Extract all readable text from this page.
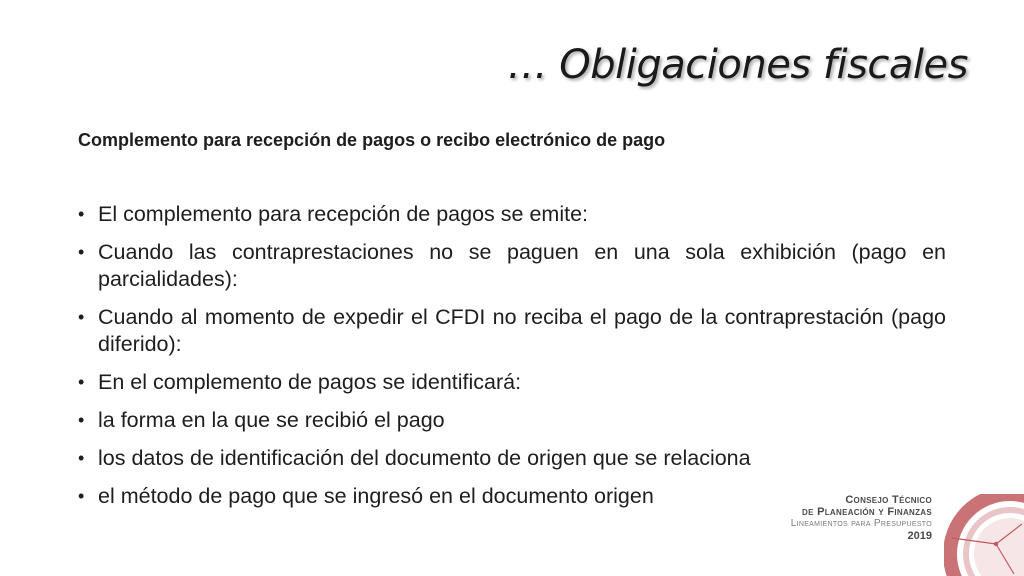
… Obligaciones fiscales

Complemento para recepción de pagos o recibo electrónico de pago

• El complemento para recepción de pagos se emite:
• Cuando las contraprestaciones no se paguen en una sola exhibición (pago en parcialidades):
• Cuando al momento de expedir el CFDI no reciba el pago de la contraprestación (pago diferido):
• En el complemento de pagos se identificará:
• la forma en la que se recibió el pago
• los datos de identificación del documento de origen que se relaciona
• el método de pago que se ingresó en el documento origen	Consejo Técnico
de Planeación y Finanzas
Lineamientos para Presupuesto
2019
